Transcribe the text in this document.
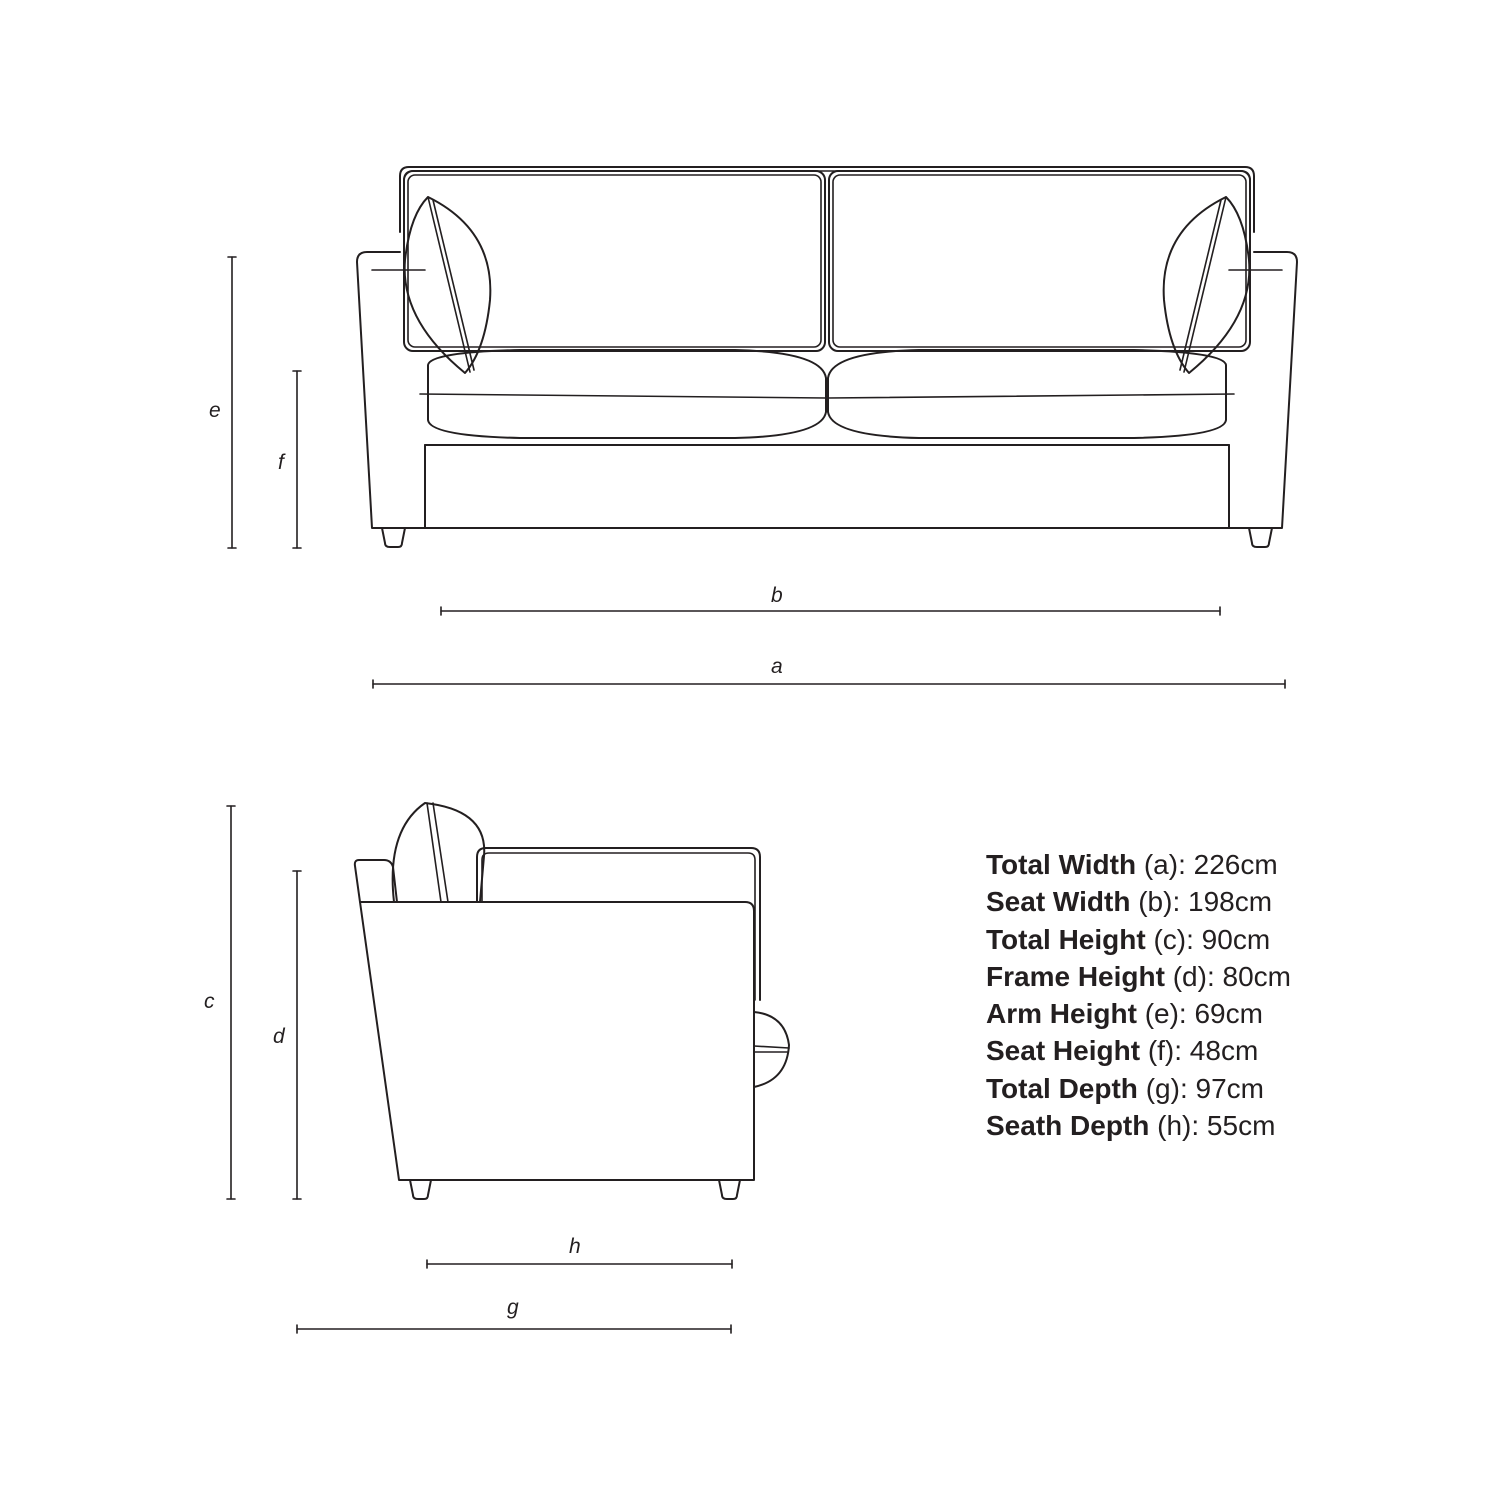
e
f
b
a
c
d
h
g
Total Width (a): 226cm
Seat Width (b): 198cm
Total Height (c): 90cm
Frame Height (d): 80cm
Arm Height (e): 69cm
Seat Height (f): 48cm
Total Depth (g): 97cm
Seath Depth (h): 55cm
